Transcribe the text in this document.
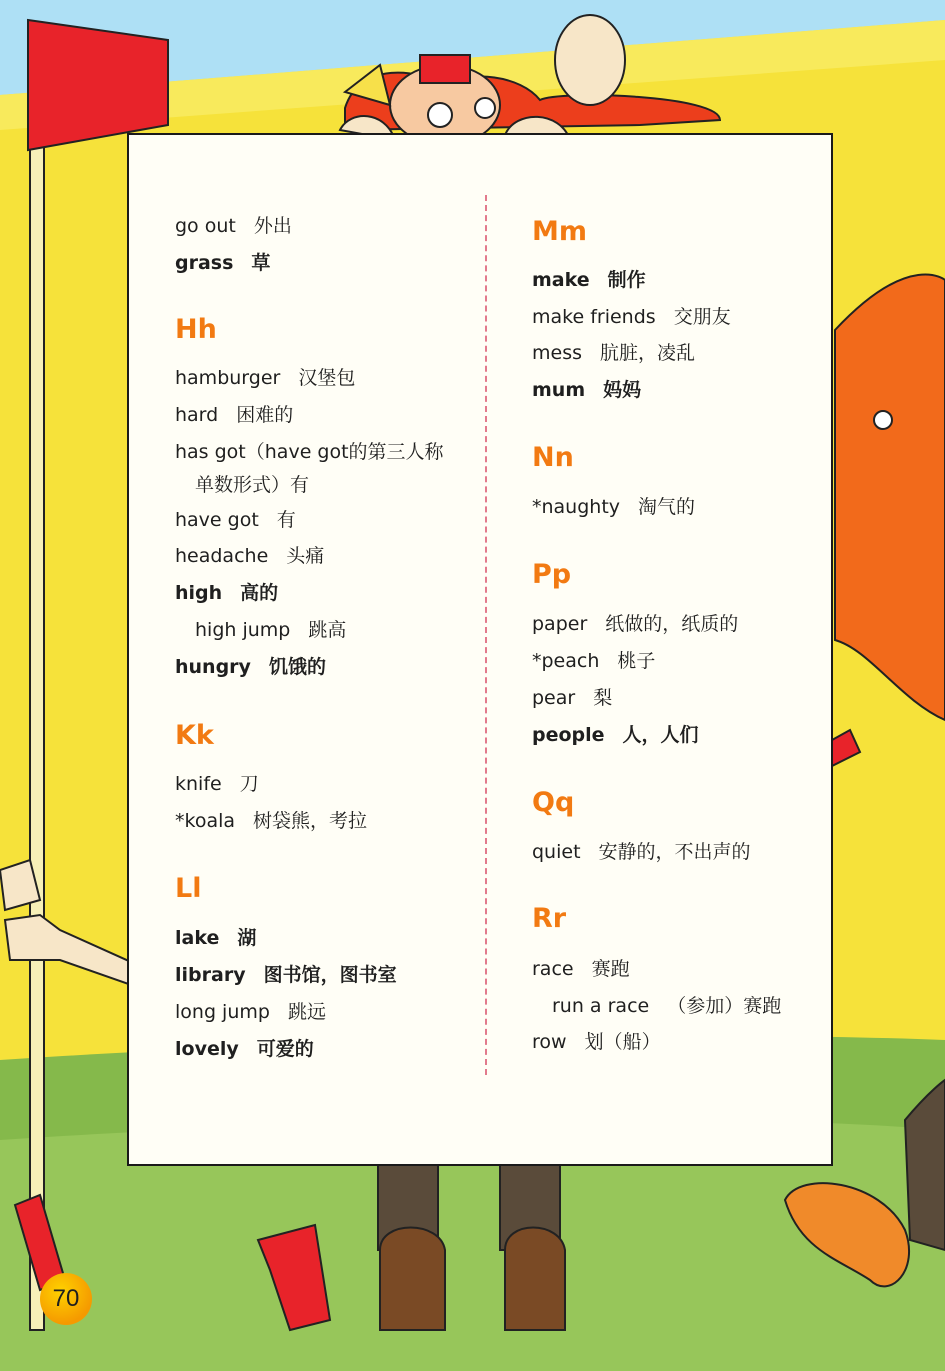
go out 外出
grass 草
Hh
hamburger 汉堡包
hard 困难的
has got（have got的第三人称
单数形式）有
have got 有
headache 头痛
high 高的
high jump 跳高
hungry 饥饿的
Kk
knife 刀
*koala 树袋熊，考拉
Ll
lake 湖
library 图书馆，图书室
long jump 跳远
lovely 可爱的
Mm
make 制作
make friends 交朋友
mess 肮脏，凌乱
mum 妈妈
Nn
*naughty 淘气的
Pp
paper 纸做的，纸质的
*peach 桃子
pear 梨
people 人，人们
Qq
quiet 安静的，不出声的
Rr
race 赛跑
run a race （参加）赛跑
row 划（船）
70
